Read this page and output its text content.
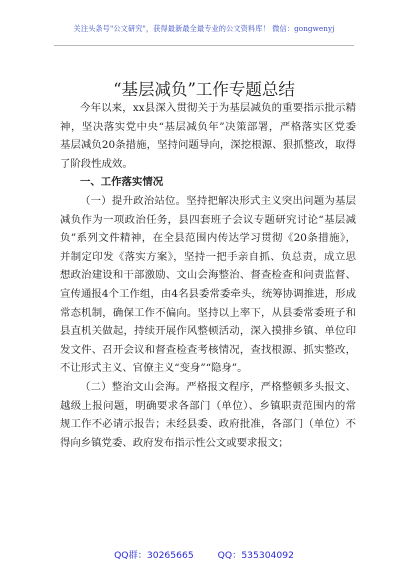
关注头条号"公文研究"，获得最新最全最专业的公文资料库！ 微信：gongwenyj
“基层减负”工作专题总结
今年以来，xx县深入贯彻关于为基层减负的重要指示批示精
神，坚决落实党中央“基层减负年”决策部署，严格落实区党委
基层减负20条措施，坚持问题导向，深挖根源、狠抓整改，取得
了阶段性成效。
一、工作落实情况
（一）提升政治站位。坚持把解决形式主义突出问题为基层
减负作为一项政治任务，县四套班子会议专题研究讨论“基层减
负”系列文件精神，在全县范围内传达学习贯彻《20条措施》，
并制定印发《落实方案》，坚持一把手亲自抓、负总责，成立思
想政治建设和干部激励、文山会海整治、督查检查和问责监督、
宣传通报4个工作组，由4名县委常委牵头，统筹协调推进，形成
常态机制，确保工作不偏向。坚持以上率下，从县委常委班子和
县直机关做起，持续开展作风整顿活动，深入摸排乡镇、单位印
发文件、召开会议和督查检查考核情况，查找根源、抓实整改，
不让形式主义、官僚主义“变身”“隐身”。
（二）整治文山会海。严格报文程序，严格整顿多头报文、
越级上报问题，明确要求各部门（单位）、乡镇职责范围内的常
规工作不必请示报告；未经县委、政府批准，各部门（单位）不
得向乡镇党委、政府发布指示性公文或要求报文；
QQ群：30265665	QQ：535304092
